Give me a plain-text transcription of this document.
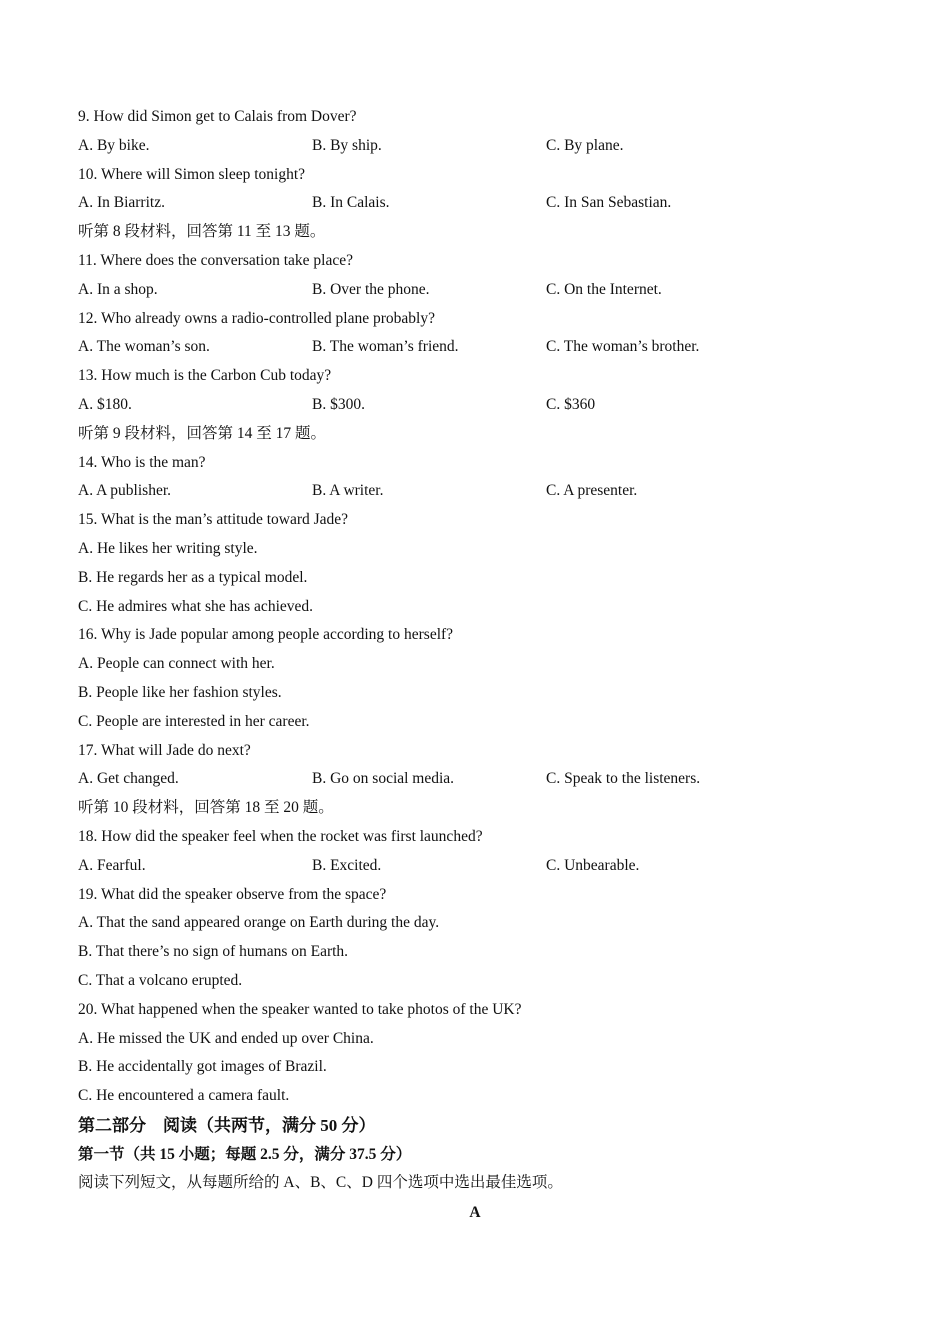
9. How did Simon get to Calais from Dover?
A. By bike.	B. By ship.	C. By plane.
10. Where will Simon sleep tonight?
A. In Biarritz.	B. In Calais.	C. In San Sebastian.
听第 8 段材料，回答第 11 至 13 题。
11. Where does the conversation take place?
A. In a shop.	B. Over the phone.	C. On the Internet.
12. Who already owns a radio-controlled plane probably?
A. The woman’s son.	B. The woman’s friend.	C. The woman’s brother.
13. How much is the Carbon Cub today?
A. $180.	B. $300.	C. $360
听第 9 段材料，回答第 14 至 17 题。
14. Who is the man?
A. A publisher.	B. A writer.	C. A presenter.
15. What is the man’s attitude toward Jade?
A. He likes her writing style.
B. He regards her as a typical model.
C. He admires what she has achieved.
16. Why is Jade popular among people according to herself?
A. People can connect with her.
B. People like her fashion styles.
C. People are interested in her career.
17. What will Jade do next?
A. Get changed.	B. Go on social media.	C. Speak to the listeners.
听第 10 段材料，回答第 18 至 20 题。
18. How did the speaker feel when the rocket was first launched?
A. Fearful.	B. Excited.	C. Unbearable.
19. What did the speaker observe from the space?
A. That the sand appeared orange on Earth during the day.
B. That there’s no sign of humans on Earth.
C. That a volcano erupted.
20. What happened when the speaker wanted to take photos of the UK?
A. He missed the UK and ended up over China.
B. He accidentally got images of Brazil.
C. He encountered a camera fault.
第二部分　阅读（共两节，满分 50 分）
第一节（共 15 小题；每题 2.5 分，满分 37.5 分）
阅读下列短文，从每题所给的 A、B、C、D 四个选项中选出最佳选项。
A
